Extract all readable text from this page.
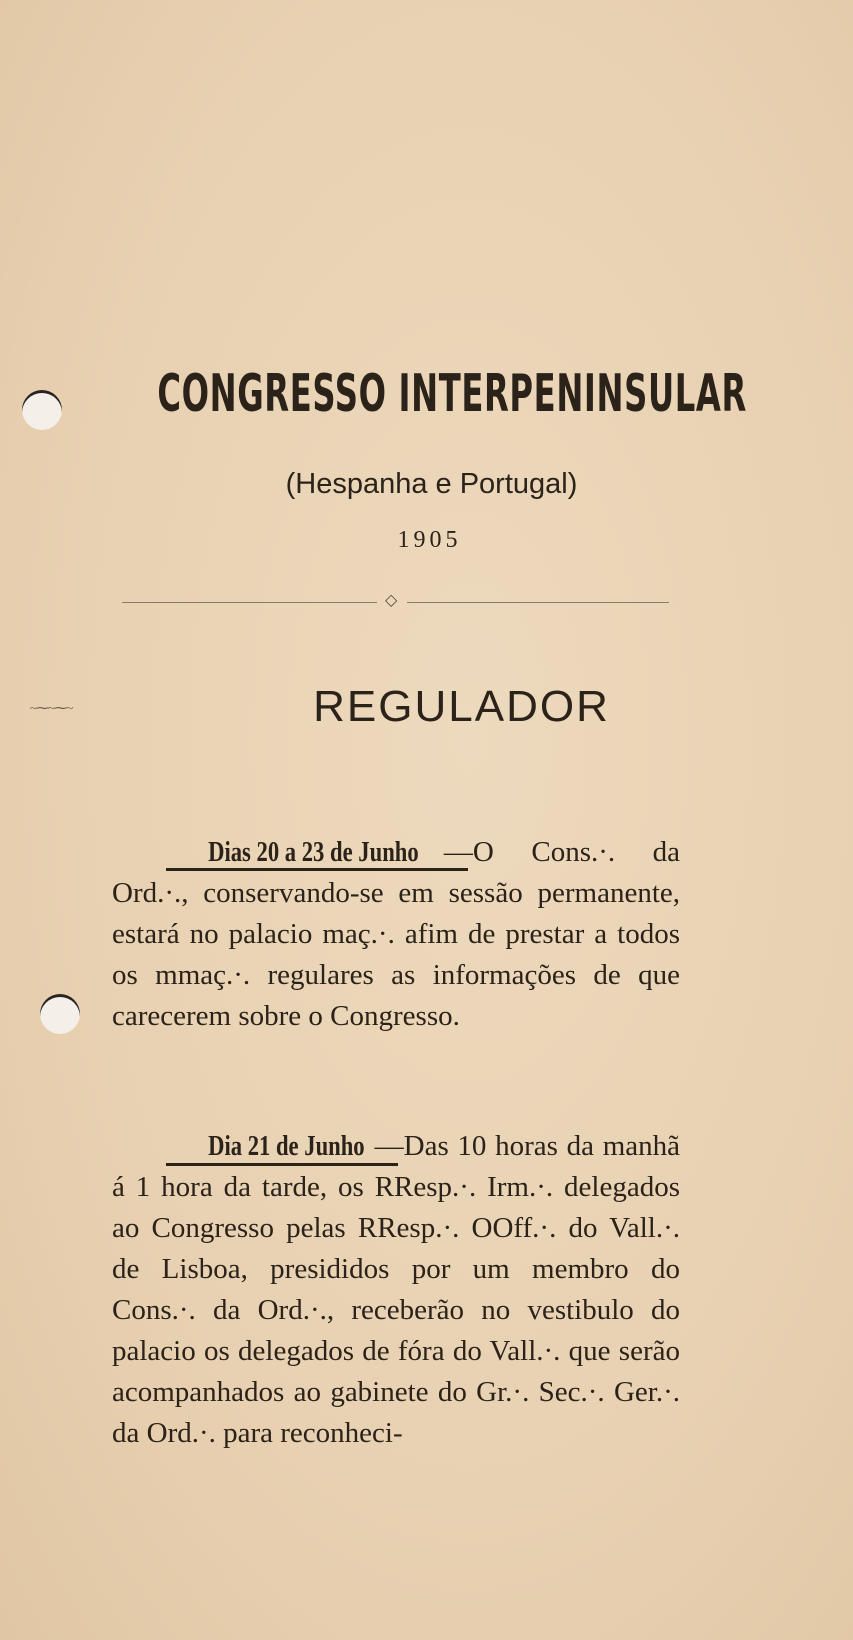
CONGRESSO INTERPENINSULAR
(Hespanha e Portugal)
1905
◇
~⁓~⁓~	REGULADOR
Dias 20 a 23 de Junho —O Cons.·. da Ord.·., conservando-se em sessão permanente, estará no palacio maç.·. afim de prestar a todos os mmaç.·. regulares as informações de que carecerem sobre o Congresso.
Dia 21 de Junho —Das 10 horas da manhã á 1 hora da tarde, os RResp.·. Irm.·. delegados ao Congresso pelas RResp.·. OOff.·. do Vall.·. de Lisboa, presididos por um membro do Cons.·. da Ord.·., receberão no vestibulo do palacio os delegados de fóra do Vall.·. que serão acompanhados ao gabinete do Gr.·. Sec.·. Ger.·. da Ord.·. para reconheci-
